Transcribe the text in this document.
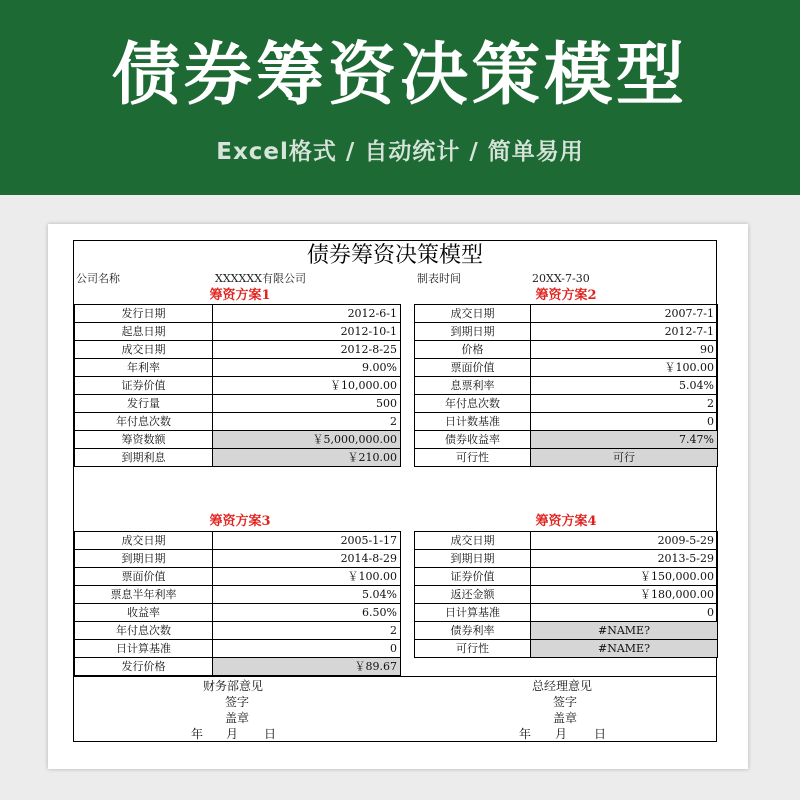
债券筹资决策模型
Excel格式 / 自动统计 / 简单易用
债券筹资决策模型
公司名称	XXXXXX有限公司	制表时间	20XX-7-30
筹资方案1	筹资方案2
筹资方案3	筹资方案4
发行日期	2012-6-1
起息日期	2012-10-1
成交日期	2012-8-25
年利率	9.00%
证券价值	￥10,000.00
发行量	500
年付息次数	2
筹资数额	￥5,000,000.00
到期利息	￥210.00
成交日期	2007-7-1
到期日期	2012-7-1
价格	90
票面价值	￥100.00
息票利率	5.04%
年付息次数	2
日计数基准	0
债券收益率	7.47%
可行性	可行
成交日期	2005-1-17
到期日期	2014-8-29
票面价值	￥100.00
票息半年利率	5.04%
收益率	6.50%
年付息次数	2
日计算基准	0
发行价格	￥89.67
成交日期	2009-5-29
到期日期	2013-5-29
证券价值	￥150,000.00
返还金额	￥180,000.00
日计算基准	0
债券利率	#NAME?
可行性	#NAME?
财务部意见
签字
盖章
年 月 日
总经理意见
签字
盖章
年 月 日
